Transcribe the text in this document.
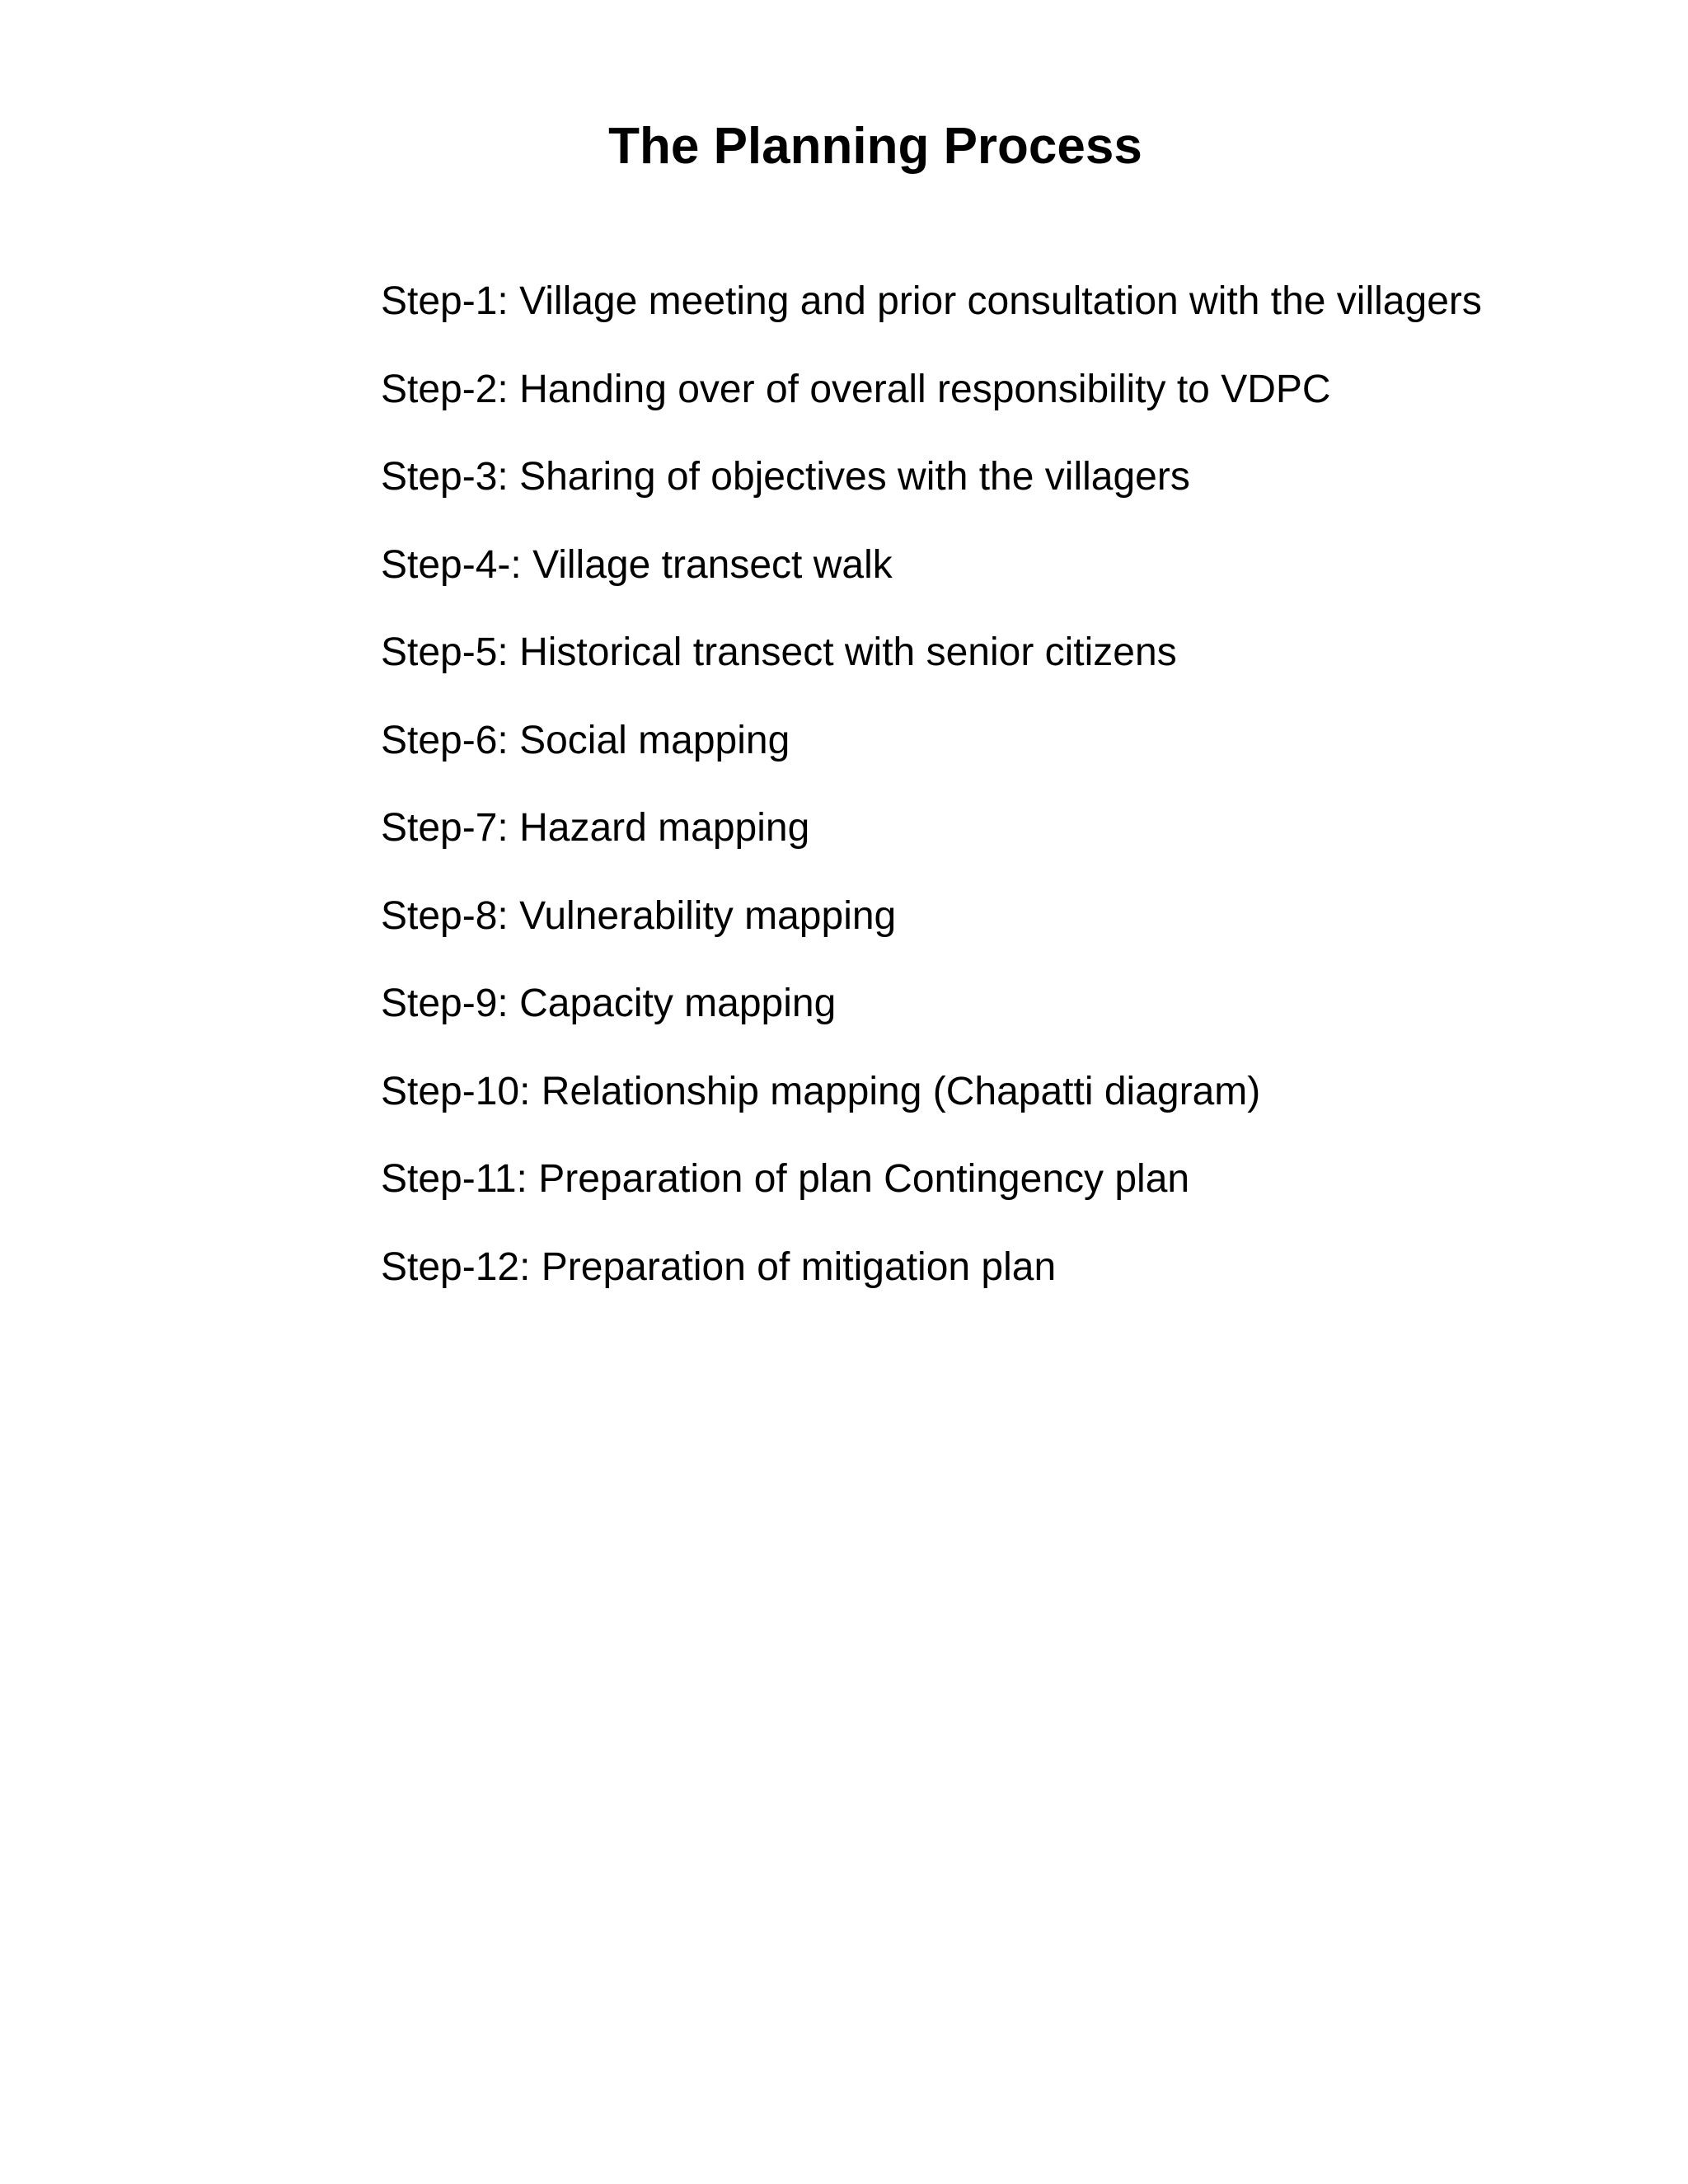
The Planning Process
Step-1: Village meeting and prior consultation with the villagers
Step-2: Handing over of overall responsibility to VDPC
Step-3: Sharing of objectives with the villagers
Step-4-: Village transect walk
Step-5: Historical transect with senior citizens
Step-6: Social mapping
Step-7: Hazard mapping
Step-8: Vulnerability mapping
Step-9: Capacity mapping
Step-10: Relationship mapping (Chapatti diagram)
Step-11: Preparation of plan Contingency plan
Step-12: Preparation of mitigation plan
